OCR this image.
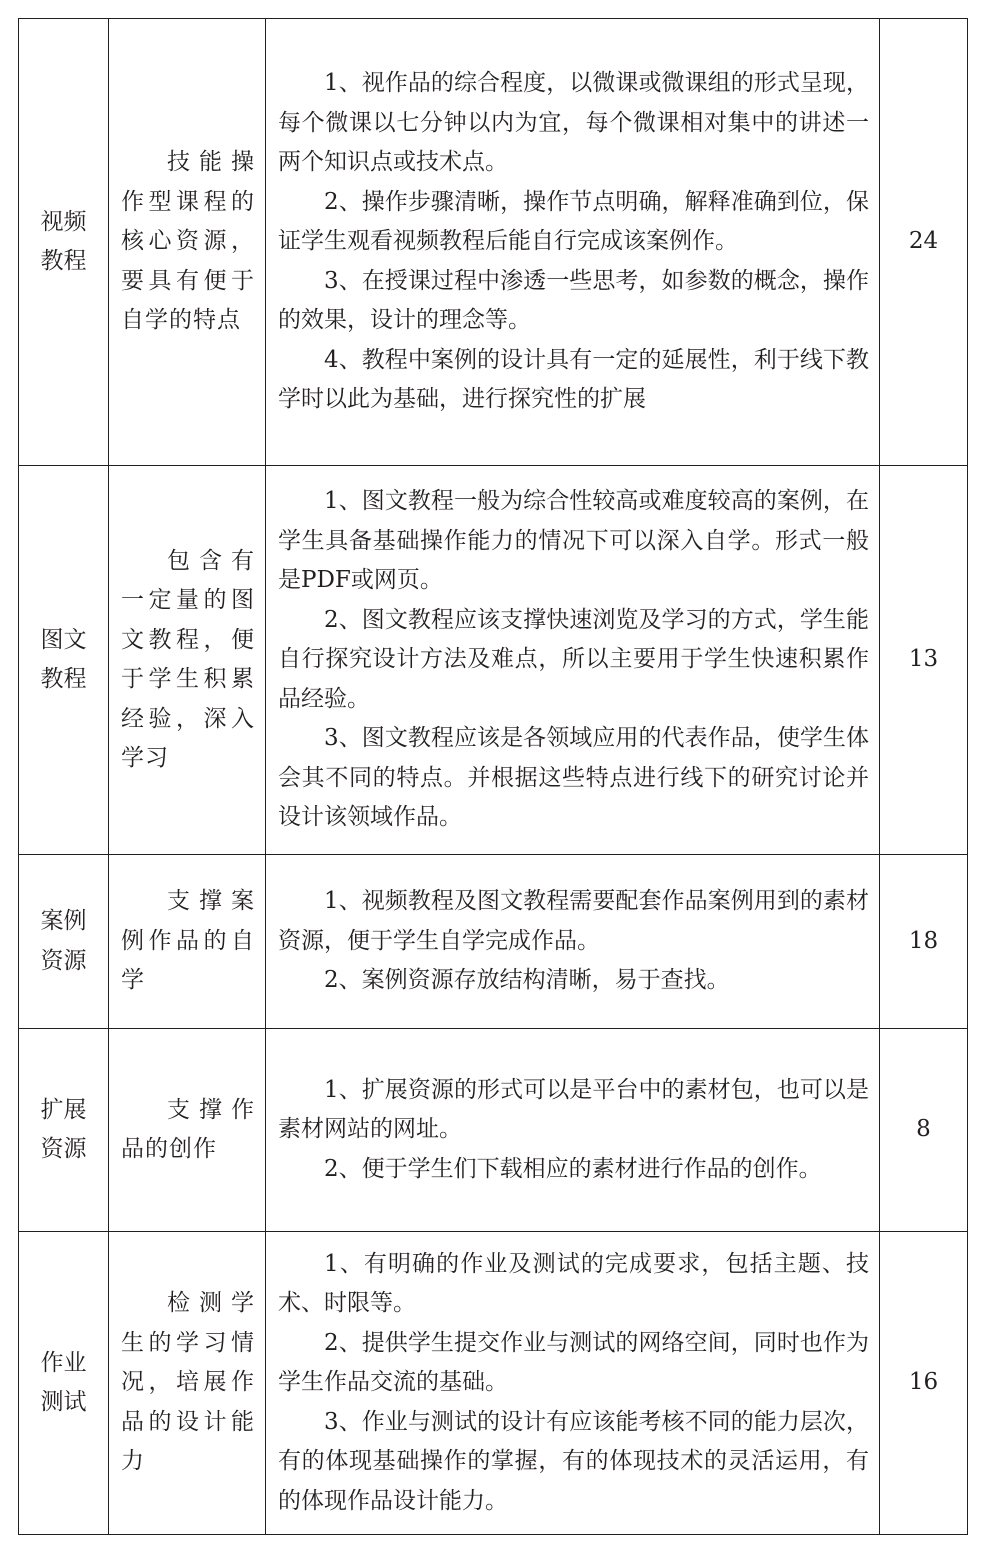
视频教程	技能操作型课程的核心资源，要具有便于自学的特点	1、视作品的综合程度，以微课或微课组的形式呈现，每个微课以七分钟以内为宜，每个微课相对集中的讲述一两个知识点或技术点。

2、操作步骤清晰，操作节点明确，解释准确到位，保证学生观看视频教程后能自行完成该案例作。

3、在授课过程中渗透一些思考，如参数的概念，操作的效果，设计的理念等。

4、教程中案例的设计具有一定的延展性，利于线下教学时以此为基础，进行探究性的扩展	24
图文教程	包含有一定量的图文教程，便于学生积累经验，深入学习	1、图文教程一般为综合性较高或难度较高的案例，在学生具备基础操作能力的情况下可以深入自学。形式一般是PDF或网页。

2、图文教程应该支撑快速浏览及学习的方式，学生能自行探究设计方法及难点，所以主要用于学生快速积累作品经验。

3、图文教程应该是各领域应用的代表作品，使学生体会其不同的特点。并根据这些特点进行线下的研究讨论并设计该领域作品。	13
案例资源	支撑案例作品的自学	1、视频教程及图文教程需要配套作品案例用到的素材资源，便于学生自学完成作品。

2、案例资源存放结构清晰，易于查找。	18
扩展资源	支撑作品的创作	1、扩展资源的形式可以是平台中的素材包，也可以是素材网站的网址。

2、便于学生们下载相应的素材进行作品的创作。	8
作业测试	检测学生的学习情况，培展作品的设计能力	1、有明确的作业及测试的完成要求，包括主题、技术、时限等。

2、提供学生提交作业与测试的网络空间，同时也作为学生作品交流的基础。

3、作业与测试的设计有应该能考核不同的能力层次，有的体现基础操作的掌握，有的体现技术的灵活运用，有的体现作品设计能力。	16
